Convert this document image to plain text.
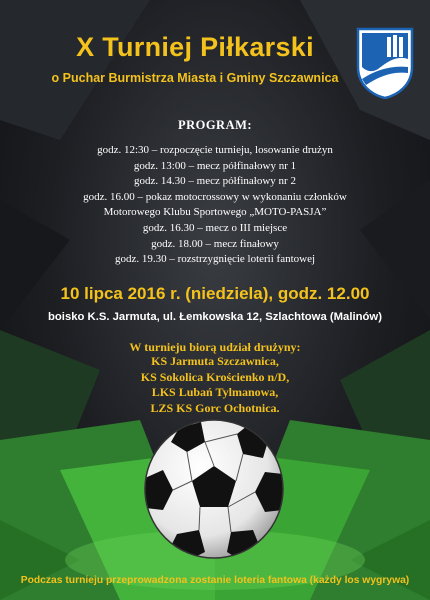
X Turniej Piłkarski
o Puchar Burmistrza Miasta i Gminy Szczawnica
PROGRAM:
godz. 12:30 – rozpoczęcie turnieju, losowanie drużyn
godz. 13:00 – mecz półfinałowy nr 1
godz. 14.30 – mecz półfinałowy nr 2
godz. 16.00 – pokaz motocrossowy w wykonaniu członków
Motorowego Klubu Sportowego „MOTO-PASJA”
godz. 16.30 – mecz o III miejsce
godz. 18.00 – mecz finałowy
godz. 19.30 – rozstrzygnięcie loterii fantowej
10 lipca 2016 r. (niedziela), godz. 12.00
boisko K.S. Jarmuta, ul. Łemkowska 12, Szlachtowa (Malinów)
W turnieju biorą udział drużyny:
KS Jarmuta Szczawnica,
KS Sokolica Krościenko n/D,
LKS Lubań Tylmanowa,
LZS KS Gorc Ochotnica.
Podczas turnieju przeprowadzona zostanie loteria fantowa (każdy los wygrywa)
